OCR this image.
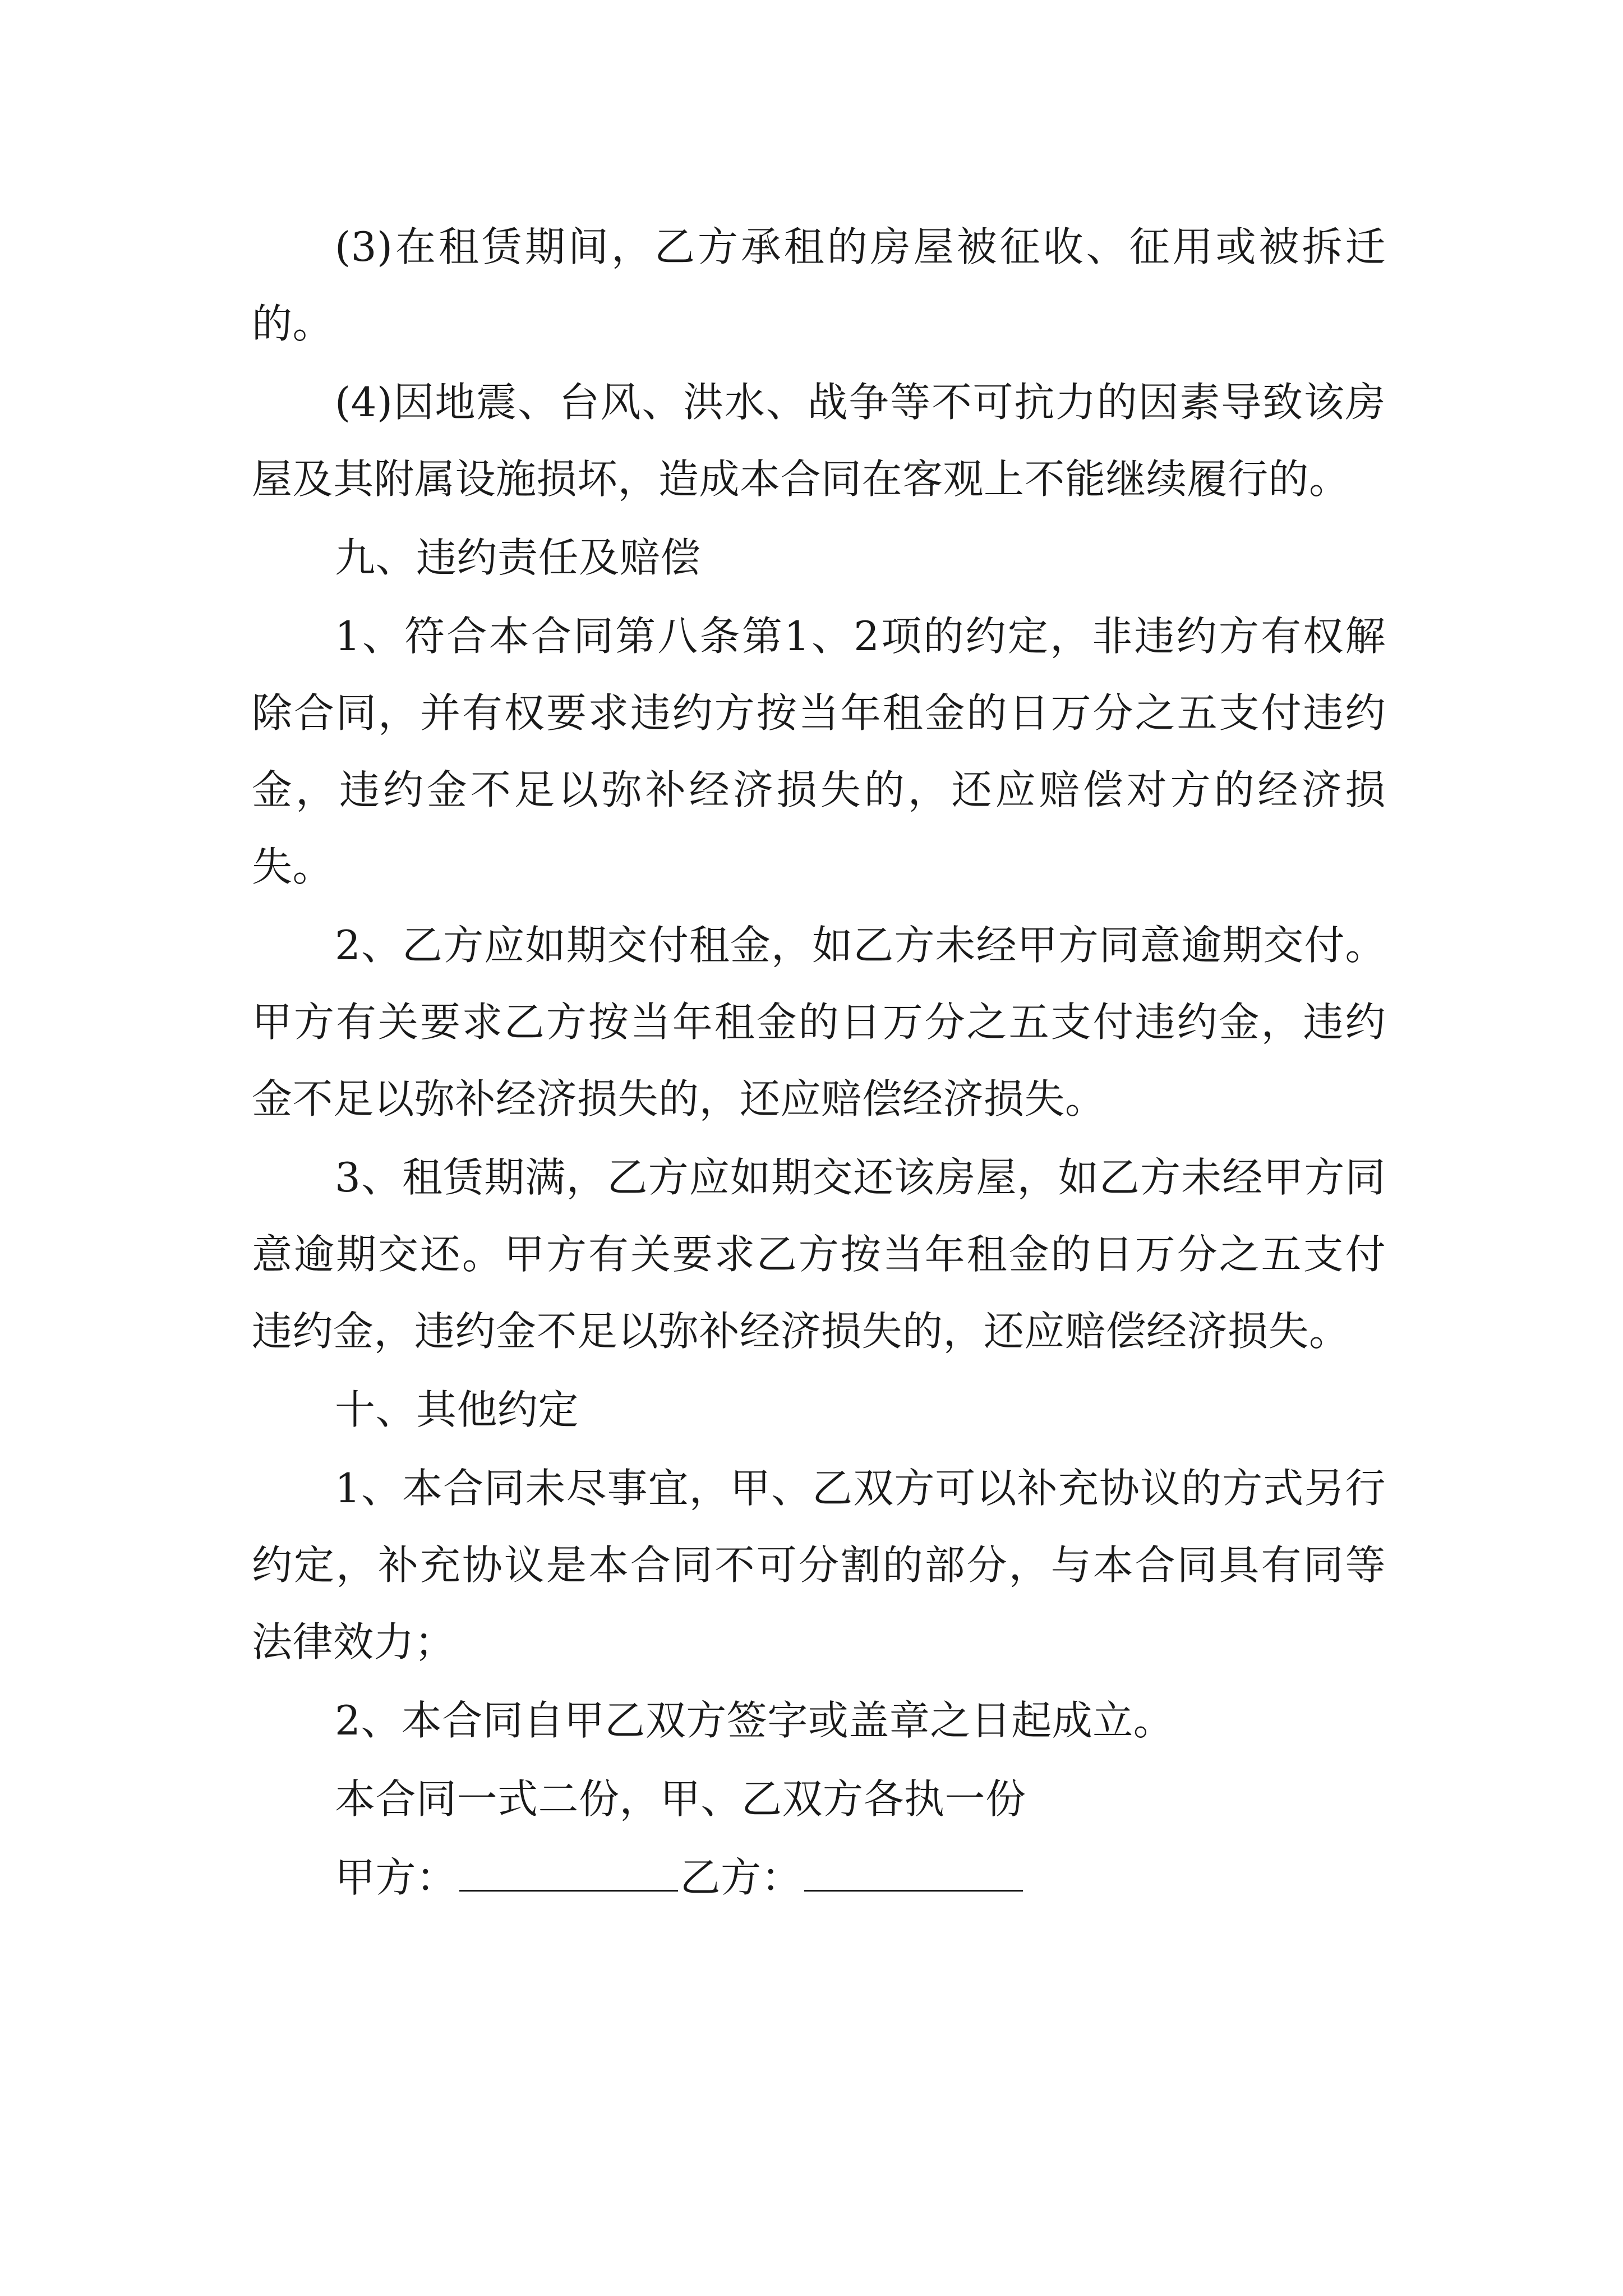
(3)在租赁期间，乙方承租的房屋被征收、征用或被拆迁的。

(4)因地震、台风、洪水、战争等不可抗力的因素导致该房屋及其附属设施损坏，造成本合同在客观上不能继续履行的。

九、违约责任及赔偿

1、符合本合同第八条第1、2项的约定，非违约方有权解除合同，并有权要求违约方按当年租金的日万分之五支付违约金，违约金不足以弥补经济损失的，还应赔偿对方的经济损失。

2、乙方应如期交付租金，如乙方未经甲方同意逾期交付。甲方有关要求乙方按当年租金的日万分之五支付违约金，违约金不足以弥补经济损失的，还应赔偿经济损失。

3、租赁期满，乙方应如期交还该房屋，如乙方未经甲方同意逾期交还。甲方有关要求乙方按当年租金的日万分之五支付违约金，违约金不足以弥补经济损失的，还应赔偿经济损失。

十、其他约定

1、本合同未尽事宜，甲、乙双方可以补充协议的方式另行约定，补充协议是本合同不可分割的部分，与本合同具有同等法律效力；

2、本合同自甲乙双方签字或盖章之日起成立。

本合同一式二份，甲、乙双方各执一份

甲方：	乙方：
